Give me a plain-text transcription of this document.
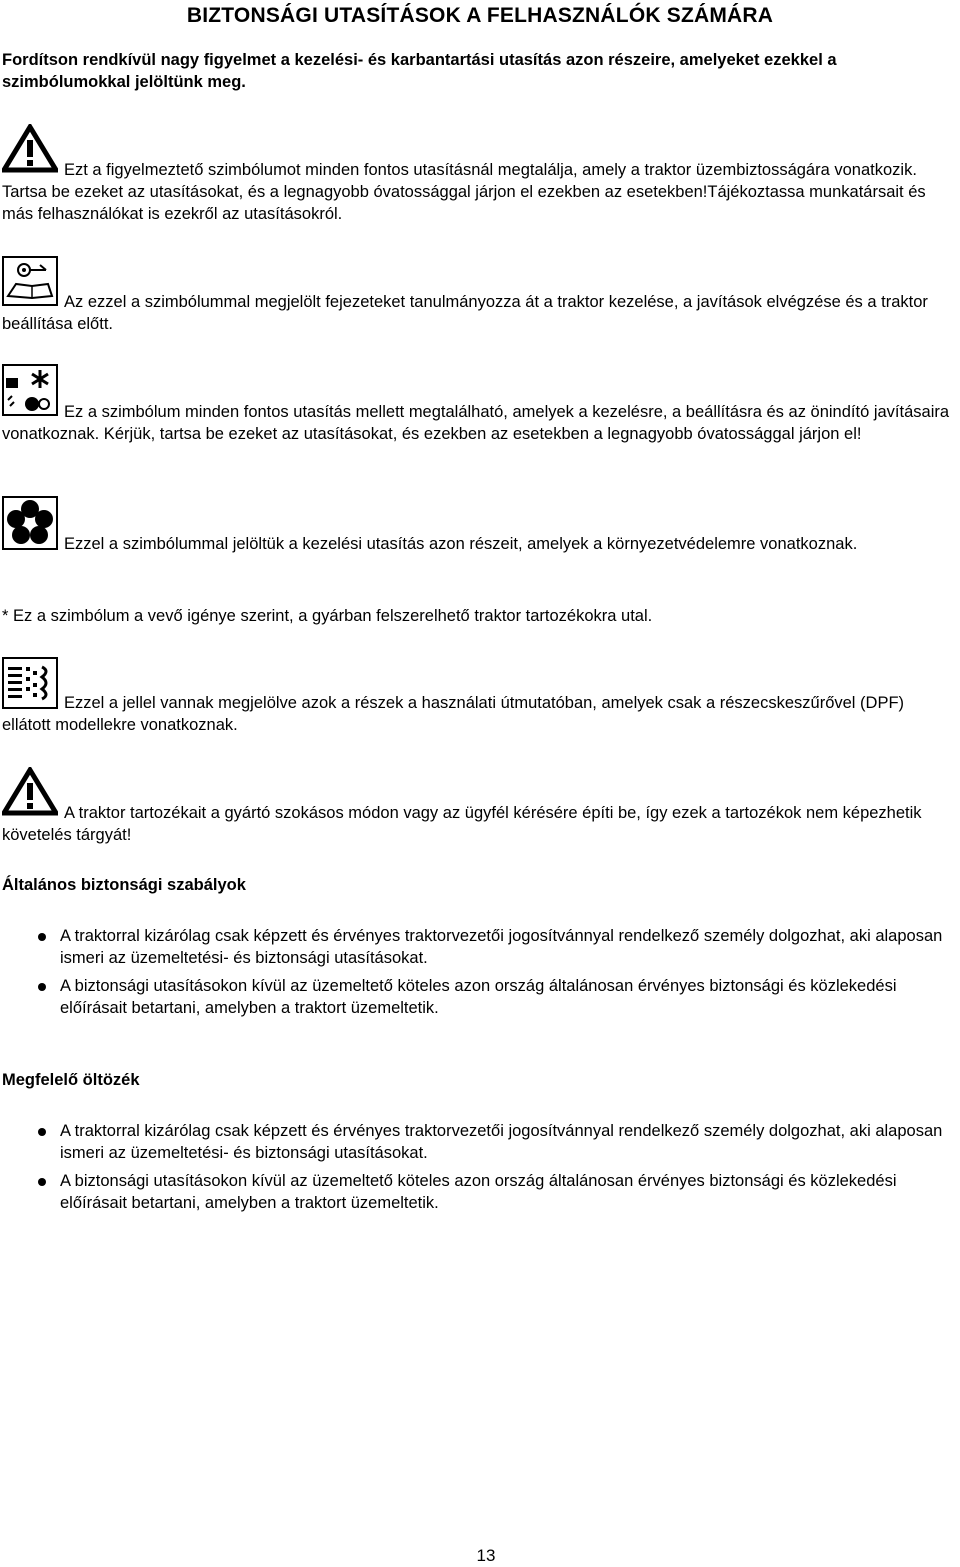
BIZTONSÁGI UTASÍTÁSOK A FELHASZNÁLÓK SZÁMÁRA
Fordítson rendkívül nagy figyelmet a kezelési- és karbantartási utasítás azon részeire, amelyeket ezekkel a szimbólumokkal jelöltünk meg.

Ezt a figyelmeztető szimbólumot minden fontos utasításnál megtalálja, amely a traktor üzembiztosságára vonatkozik. Tartsa be ezeket az utasításokat, és a legnagyobb óvatossággal járjon el ezekben az esetekben!Tájékoztassa munkatársait és más felhasználókat is ezekről az utasításokról.

Az ezzel a szimbólummal megjelölt fejezeteket tanulmányozza át a traktor kezelése, a javítások elvégzése és a traktor beállítása előtt.

Ez a szimbólum minden fontos utasítás mellett megtalálható, amelyek a kezelésre, a beállításra és az önindító javításaira vonatkoznak. Kérjük, tartsa be ezeket az utasításokat, és ezekben az esetekben a legnagyobb óvatossággal járjon el!

Ezzel a szimbólummal jelöltük a kezelési utasítás azon részeit, amelyek a környezetvédelemre vonatkoznak.

* Ez a szimbólum a vevő igénye szerint, a gyárban felszerelhető traktor tartozékokra utal.

Ezzel a jellel vannak megjelölve azok a részek a használati útmutatóban, amelyek csak a részecskeszűrővel (DPF) ellátott modellekre vonatkoznak.

A traktor tartozékait a gyártó szokásos módon vagy az ügyfél kérésére építi be, így ezek a tartozékok nem képezhetik követelés tárgyát!

Általános biztonsági szabályok
A traktorral kizárólag csak képzett és érvényes traktorvezetői jogosítvánnyal rendelkező személy dolgozhat, aki alaposan ismeri az üzemeltetési- és biztonsági utasításokat.
A biztonsági utasításokon kívül az üzemeltető köteles azon ország általánosan érvényes biztonsági és közlekedési előírásait betartani, amelyben a traktort üzemeltetik.
Megfelelő öltözék
A traktorral kizárólag csak képzett és érvényes traktorvezetői jogosítvánnyal rendelkező személy dolgozhat, aki alaposan ismeri az üzemeltetési- és biztonsági utasításokat.
A biztonsági utasításokon kívül az üzemeltető köteles azon ország általánosan érvényes biztonsági és közlekedési előírásait betartani, amelyben a traktort üzemeltetik.
13
